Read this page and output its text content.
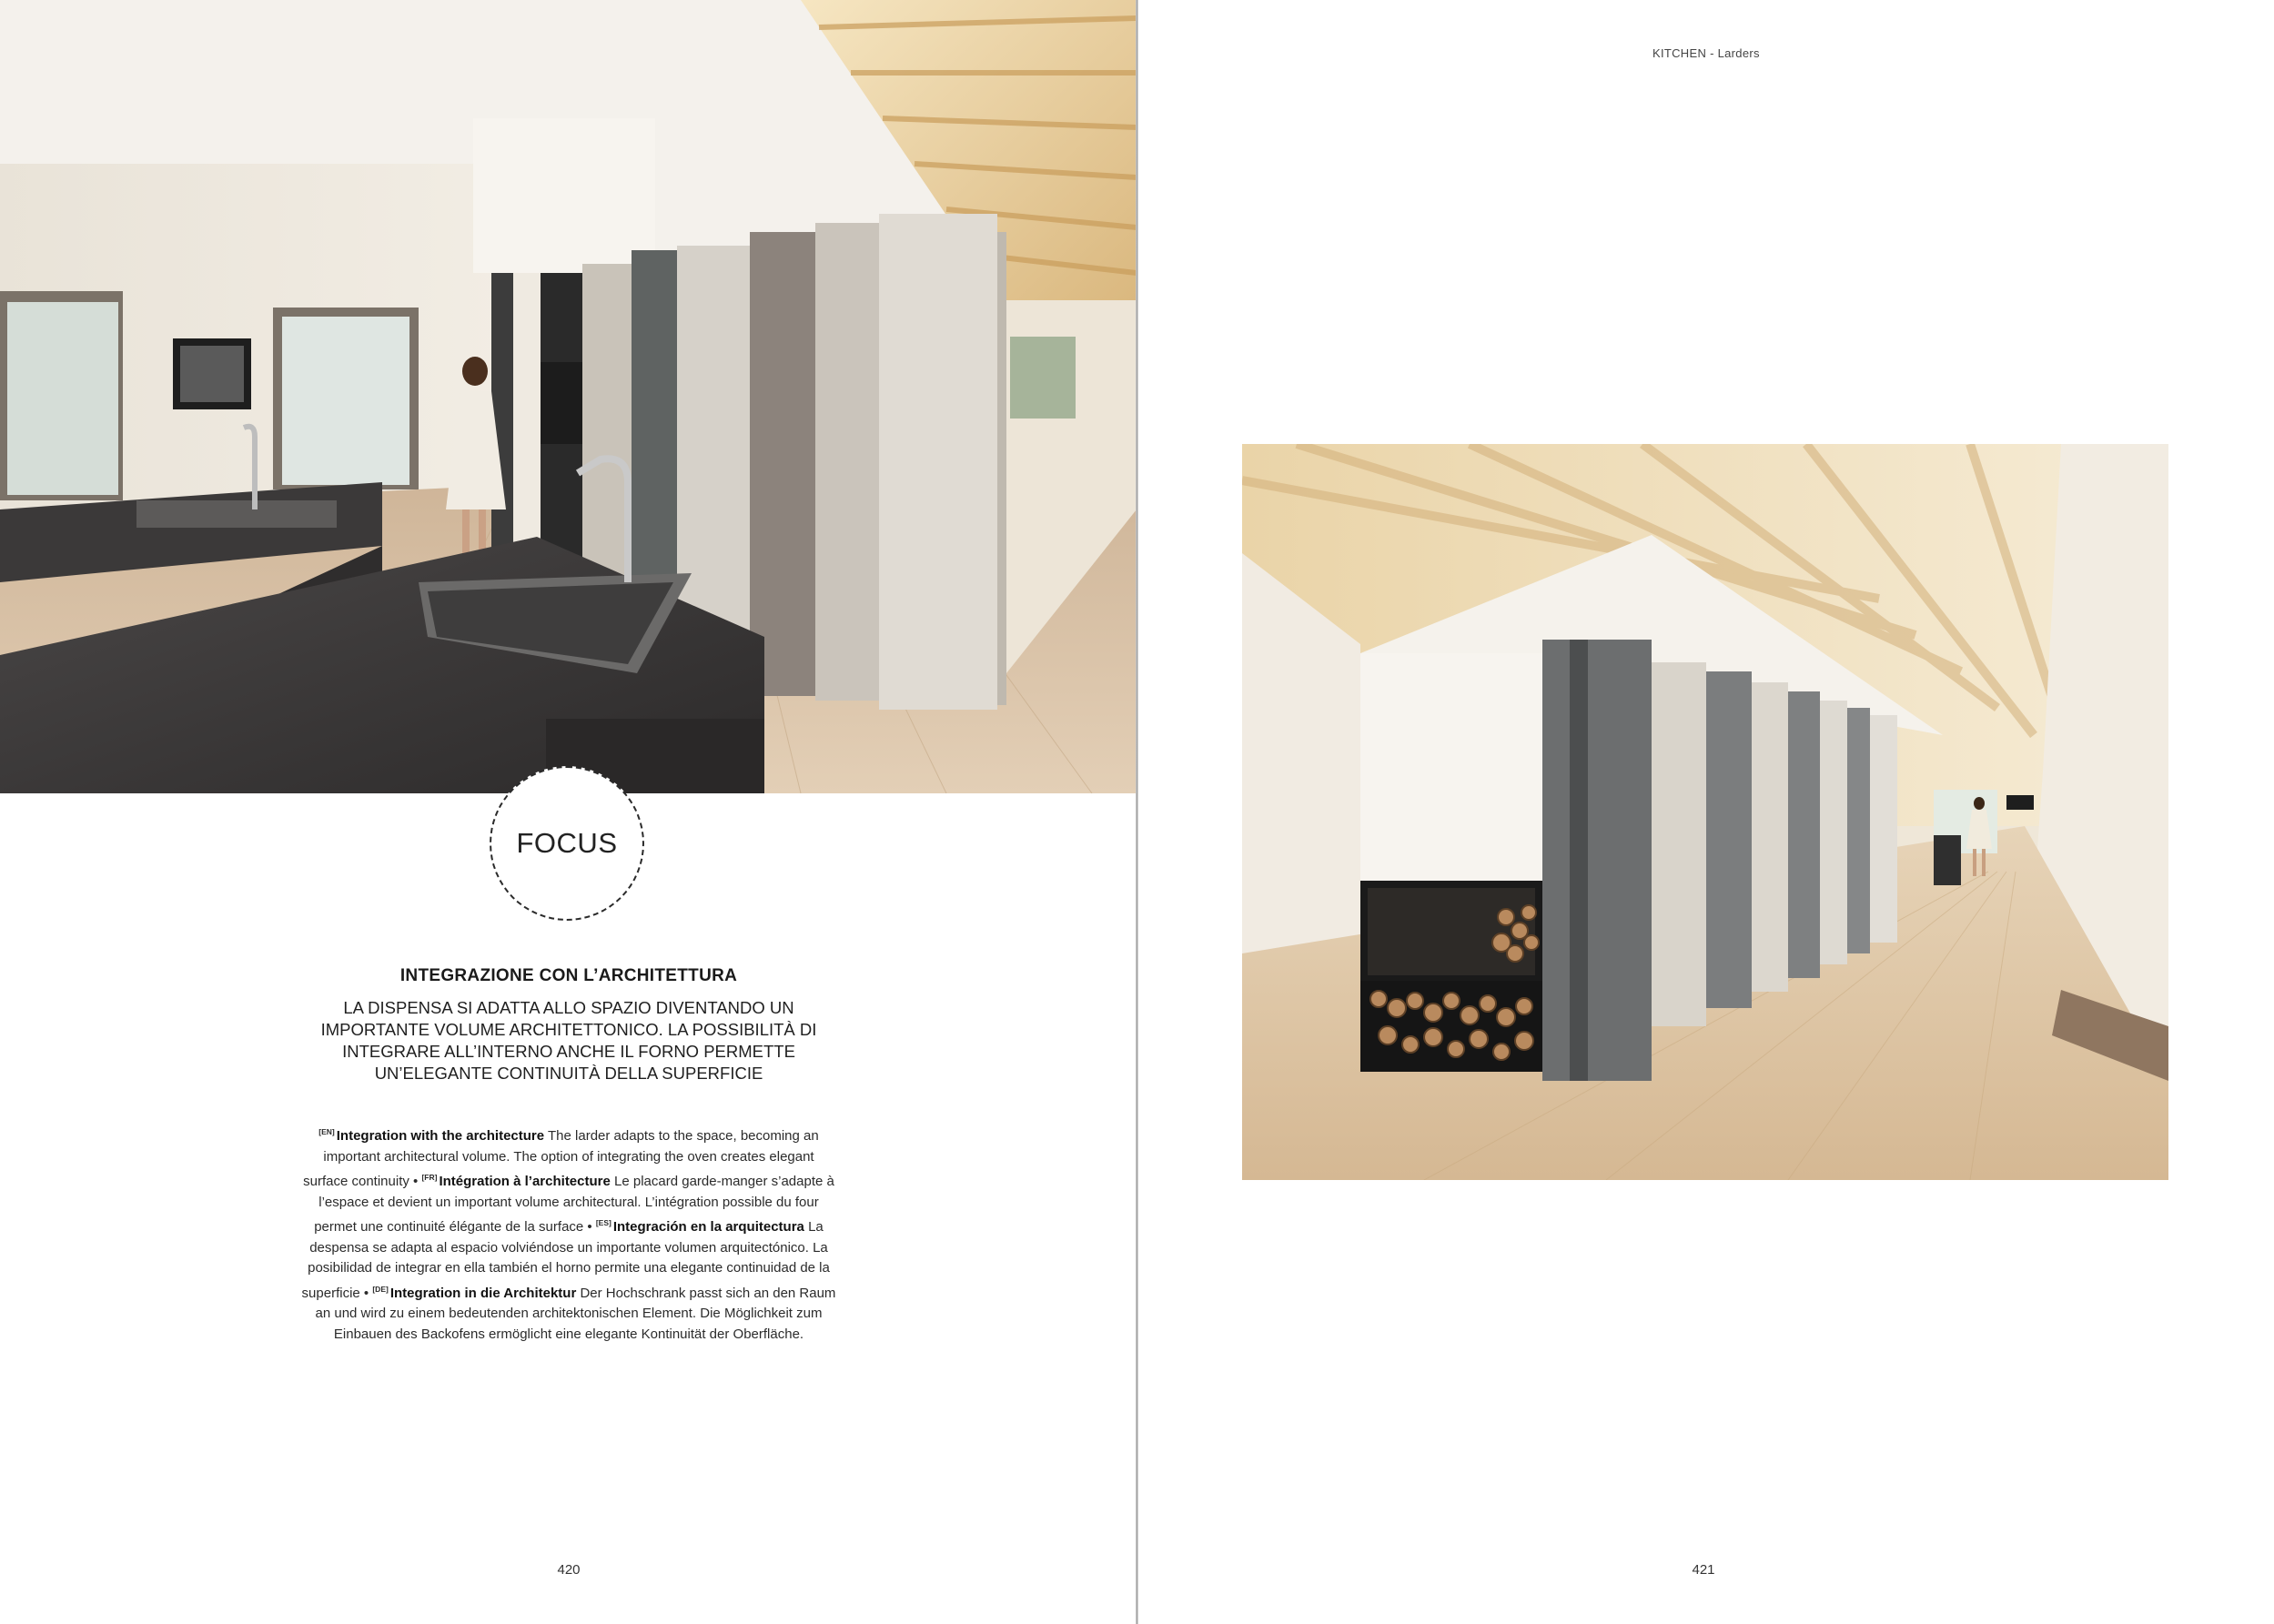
FOCUS
INTEGRAZIONE CON L’ARCHITETTURA
LA DISPENSA SI ADATTA ALLO SPAZIO DIVENTANDO UN
IMPORTANTE VOLUME ARCHITETTONICO. LA POSSIBILITÀ DI
INTEGRARE ALL’INTERNO ANCHE IL FORNO PERMETTE
UN’ELEGANTE CONTINUITÀ DELLA SUPERFICIE
[EN] Integration with the architecture The larder adapts to the space, becoming an important architectural volume. The option of integrating the oven creates elegant surface continuity • [FR] Intégration à l’architecture Le placard garde-manger s’adapte à l’espace et devient un important volume architectural. L’intégration possible du four permet une continuité élégante de la surface • [ES] Integración en la arquitectura La despensa se adapta al espacio volviéndose un importante volumen arquitectónico. La posibilidad de integrar en ella también el horno permite una elegante continuidad de la superficie • [DE] Integration in die Architektur Der Hochschrank passt sich an den Raum an und wird zu einem bedeutenden architektonischen Element. Die Möglichkeit zum Einbauen des Backofens ermöglicht eine elegante Kontinuität der Oberfläche.
420
KITCHEN - Larders
421
